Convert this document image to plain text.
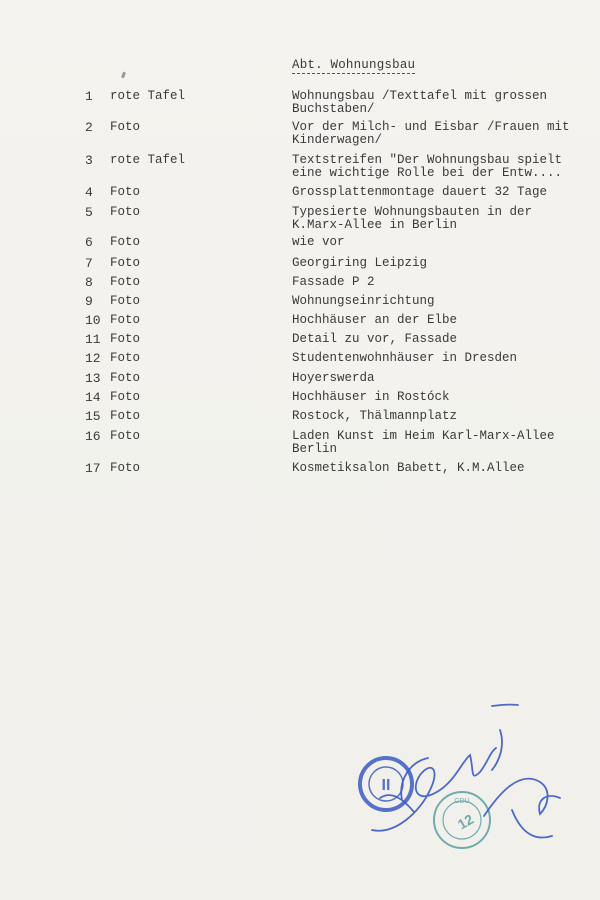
Abt. Wohnungsbau
1	rote Tafel	Wohnungsbau /Texttafel mit grossen
Buchstaben/
2	Foto	Vor der Milch- und Eisbar /Frauen mit
Kinderwagen/
3	rote Tafel	Textstreifen "Der Wohnungsbau spielt
eine wichtige Rolle bei der Entw....
4	Foto	Grossplattenmontage dauert 32 Tage
5	Foto	Typesierte Wohnungsbauten in der
K.Marx-Allee in Berlin
6	Foto	wie vor
7	Foto	Georgiring Leipzig
8	Foto	Fassade P 2
9	Foto	Wohnungseinrichtung
10 Foto	Hochhäuser an der Elbe
11 Foto	Detail zu vor, Fassade
12 Foto	Studentenwohnhäuser in Dresden
13 Foto	Hoyerswerda
14 Foto	Hochhäuser in Rostóck
15 Foto	Rostock, Thälmannplatz
16 Foto	Laden Kunst im Heim Karl-Marx-Allee
Berlin
17 Foto	Kosmetiksalon Babett, K.M.Allee
II
12
CDU
